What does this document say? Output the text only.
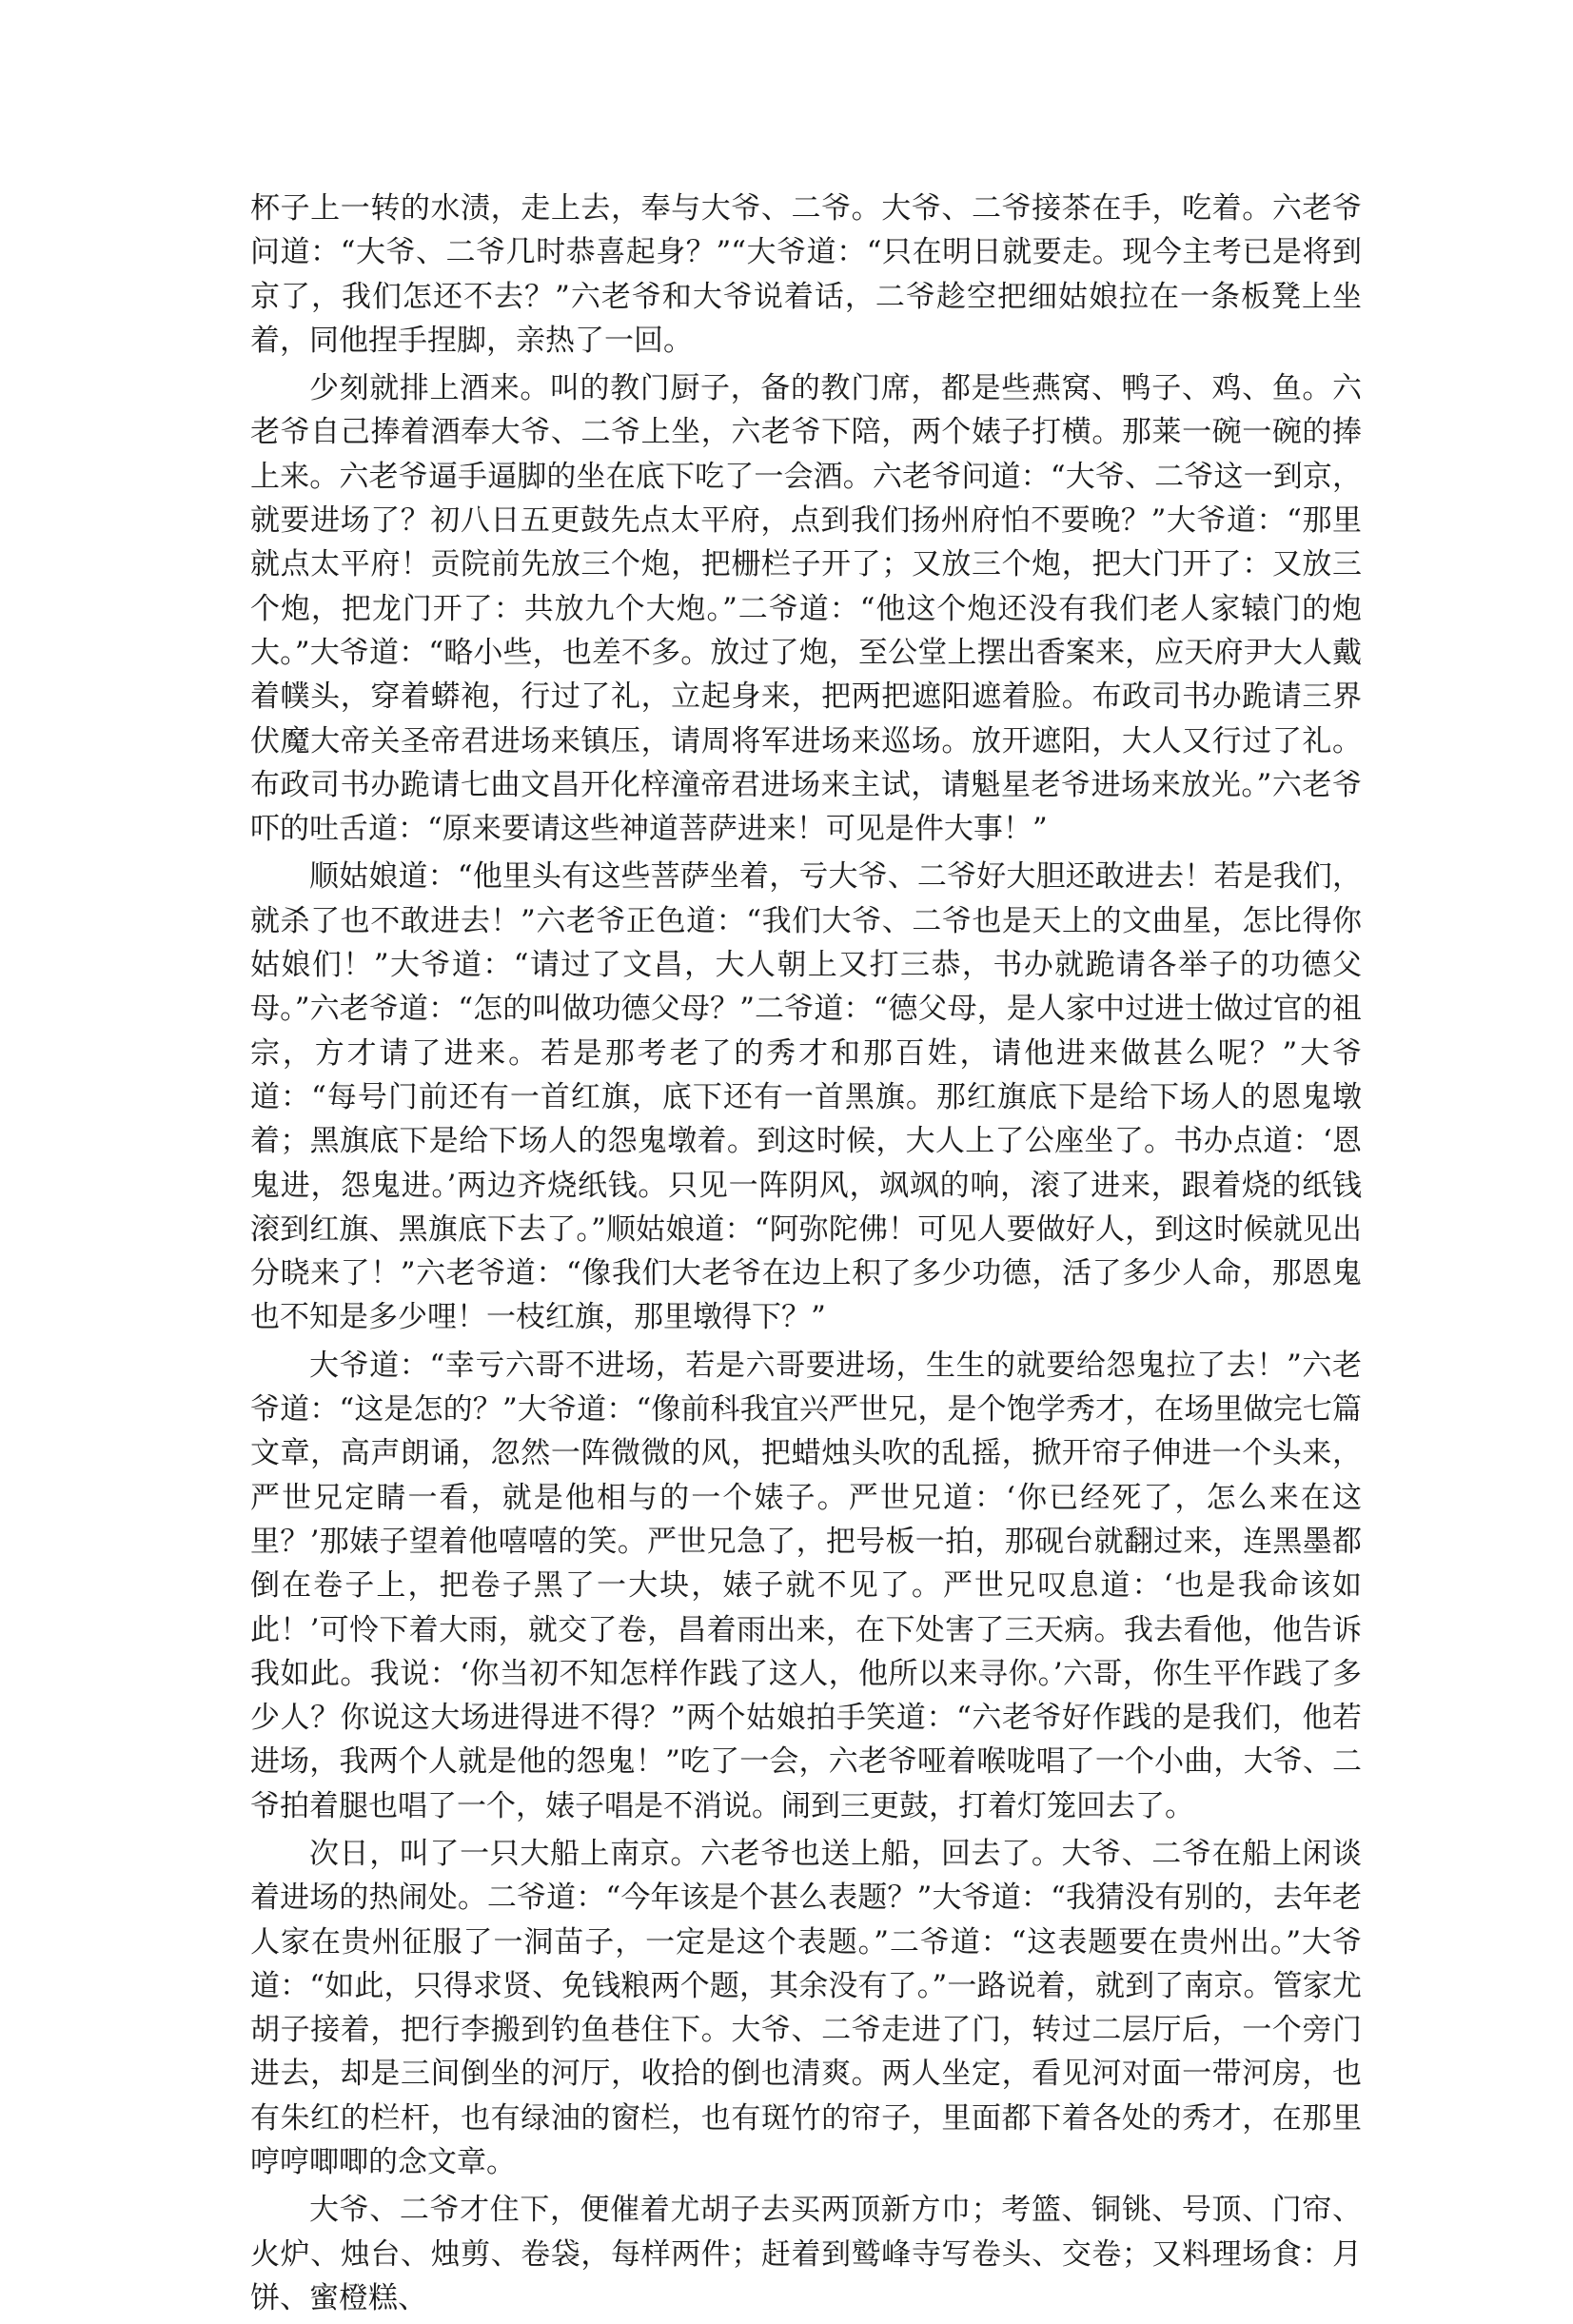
杯子上一转的水渍，走上去，奉与大爷、二爷。大爷、二爷接茶在手，吃着。六老爷问道：“大爷、二爷几时恭喜起身？”“大爷道：“只在明日就要走。现今主考已是将到京了，我们怎还不去？”六老爷和大爷说着话，二爷趁空把细姑娘拉在一条板凳上坐着，同他捏手捏脚，亲热了一回。

少刻就排上酒来。叫的教门厨子，备的教门席，都是些燕窝、鸭子、鸡、鱼。六老爷自己捧着酒奉大爷、二爷上坐，六老爷下陪，两个婊子打横。那莱一碗一碗的捧上来。六老爷逼手逼脚的坐在底下吃了一会酒。六老爷问道：“大爷、二爷这一到京，就要进场了？初八日五更鼓先点太平府，点到我们扬州府怕不要晚？”大爷道：“那里就点太平府！贡院前先放三个炮，把栅栏子开了；又放三个炮，把大门开了：又放三个炮，把龙门开了：共放九个大炮。”二爷道：“他这个炮还没有我们老人家辕门的炮大。”大爷道：“略小些，也差不多。放过了炮，至公堂上摆出香案来，应天府尹大人戴着幞头，穿着蟒袍，行过了礼，立起身来，把两把遮阳遮着脸。布政司书办跪请三界伏魔大帝关圣帝君进场来镇压，请周将军进场来巡场。放开遮阳，大人又行过了礼。布政司书办跪请七曲文昌开化梓潼帝君进场来主试，请魁星老爷进场来放光。”六老爷吓的吐舌道：“原来要请这些神道菩萨进来！可见是件大事！”

顺姑娘道：“他里头有这些菩萨坐着，亏大爷、二爷好大胆还敢进去！若是我们，就杀了也不敢进去！”六老爷正色道：“我们大爷、二爷也是天上的文曲星，怎比得你姑娘们！”大爷道：“请过了文昌，大人朝上又打三恭，书办就跪请各举子的功德父母。”六老爷道：“怎的叫做功德父母？”二爷道：“德父母，是人家中过进士做过官的祖宗，方才请了进来。若是那考老了的秀才和那百姓，请他进来做甚么呢？”大爷道：“每号门前还有一首红旗，底下还有一首黑旗。那红旗底下是给下场人的恩鬼墩着；黑旗底下是给下场人的怨鬼墩着。到这时候，大人上了公座坐了。书办点道：‘恩鬼进，怨鬼进。’两边齐烧纸钱。只见一阵阴风，飒飒的响，滚了进来，跟着烧的纸钱滚到红旗、黑旗底下去了。”顺姑娘道：“阿弥陀佛！可见人要做好人，到这时候就见出分晓来了！”六老爷道：“像我们大老爷在边上积了多少功德，活了多少人命，那恩鬼也不知是多少哩！一枝红旗，那里墩得下？”

大爷道：“幸亏六哥不进场，若是六哥要进场，生生的就要给怨鬼拉了去！”六老爷道：“这是怎的？”大爷道：“像前科我宜兴严世兄，是个饱学秀才，在场里做完七篇文章，高声朗诵，忽然一阵微微的风，把蜡烛头吹的乱摇，掀开帘子伸进一个头来，严世兄定睛一看，就是他相与的一个婊子。严世兄道：‘你已经死了，怎么来在这里？’那婊子望着他嘻嘻的笑。严世兄急了，把号板一拍，那砚台就翻过来，连黑墨都倒在卷子上，把卷子黑了一大块，婊子就不见了。严世兄叹息道：‘也是我命该如此！’可怜下着大雨，就交了卷，昌着雨出来，在下处害了三天病。我去看他，他告诉我如此。我说：‘你当初不知怎样作践了这人，他所以来寻你。’六哥，你生平作践了多少人？你说这大场进得进不得？”两个姑娘拍手笑道：“六老爷好作践的是我们，他若进场，我两个人就是他的怨鬼！”吃了一会，六老爷哑着喉咙唱了一个小曲，大爷、二爷拍着腿也唱了一个，婊子唱是不消说。闹到三更鼓，打着灯笼回去了。

次日，叫了一只大船上南京。六老爷也送上船，回去了。大爷、二爷在船上闲谈着进场的热闹处。二爷道：“今年该是个甚么表题？”大爷道：“我猜没有别的，去年老人家在贵州征服了一洞苗子，一定是这个表题。”二爷道：“这表题要在贵州出。”大爷道：“如此，只得求贤、免钱粮两个题，其余没有了。”一路说着，就到了南京。管家尤胡子接着，把行李搬到钓鱼巷住下。大爷、二爷走进了门，转过二层厅后，一个旁门进去，却是三间倒坐的河厅，收拾的倒也清爽。两人坐定，看见河对面一带河房，也有朱红的栏杆，也有绿油的窗栏，也有斑竹的帘子，里面都下着各处的秀才，在那里哼哼唧唧的念文章。

大爷、二爷才住下，便催着尤胡子去买两顶新方巾；考篮、铜铫、号顶、门帘、火炉、烛台、烛剪、卷袋，每样两件；赶着到鹫峰寺写卷头、交卷；又料理场食：月饼、蜜橙糕、
